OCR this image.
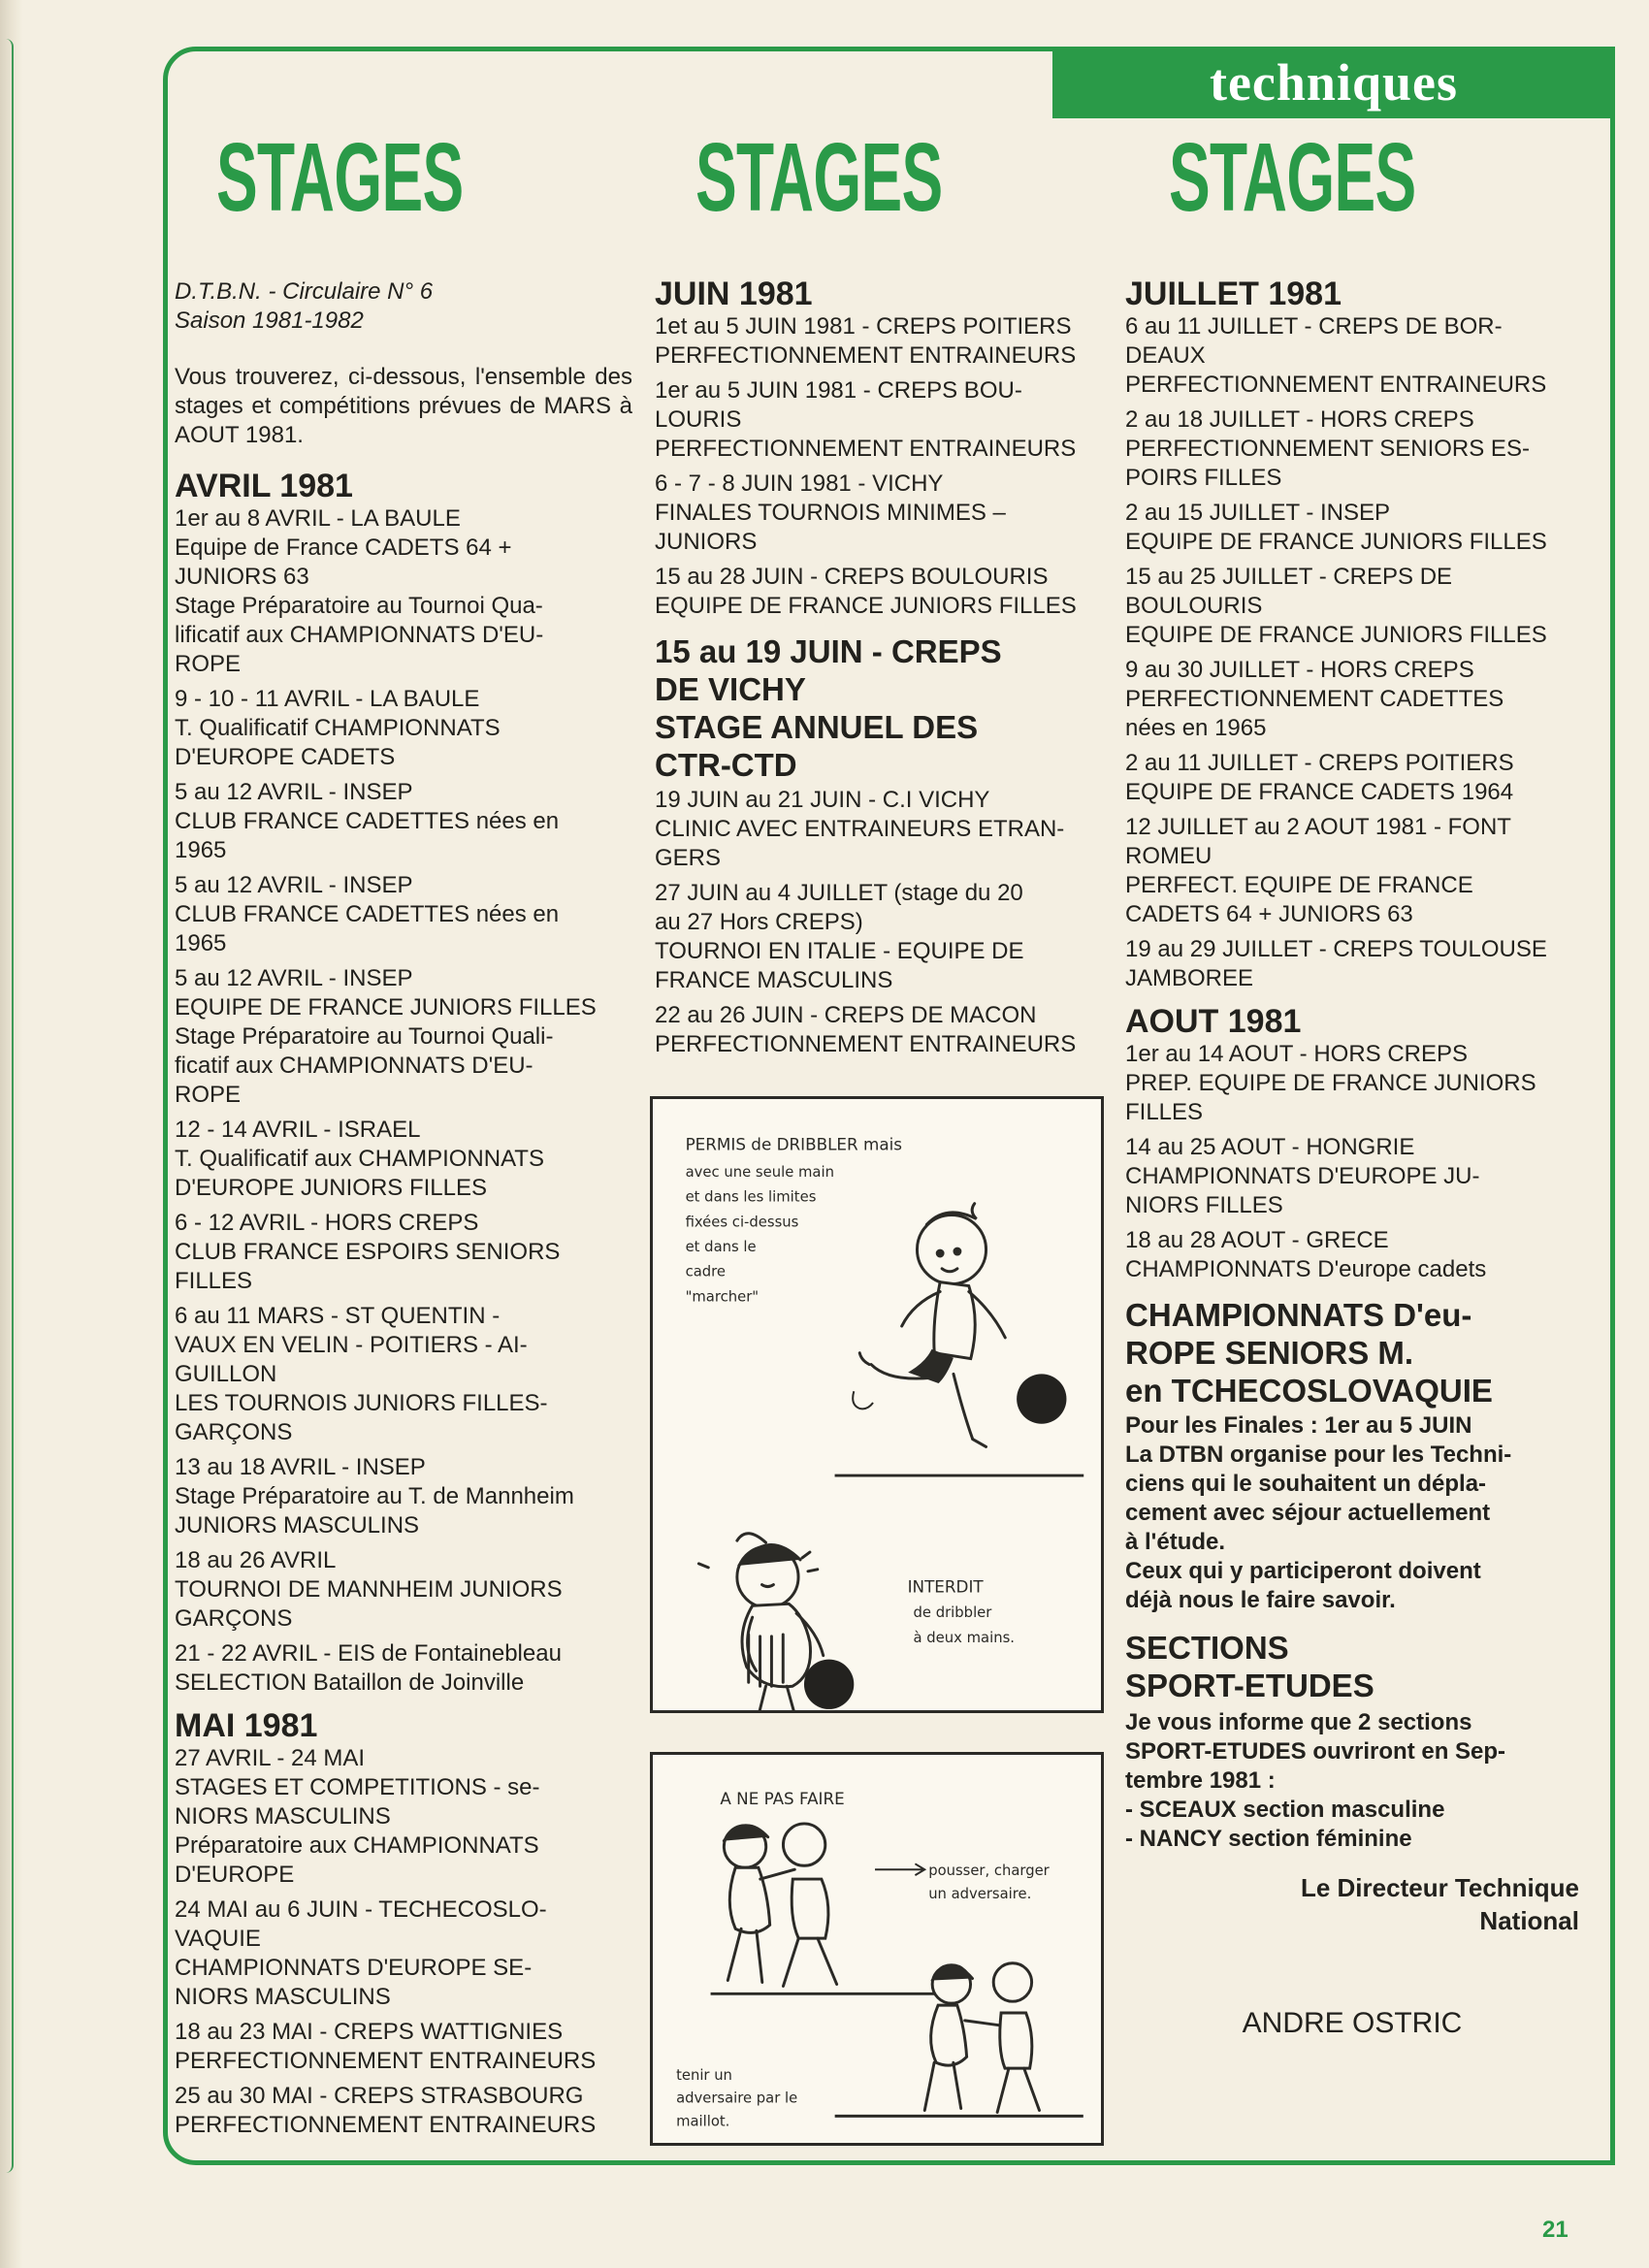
techniques
STAGES STAGES STAGES
D.T.B.N. - Circulaire N° 6
Saison 1981-1982
Vous trouverez, ci-dessous, l'ensemble des stages et compétitions prévues de MARS à AOUT 1981.
AVRIL 1981
1er au 8 AVRIL - LA BAULE
Equipe de France CADETS 64 +
JUNIORS 63
Stage Préparatoire au Tournoi Qua-
lificatif aux CHAMPIONNATS D'EU-
ROPE
9 - 10 - 11 AVRIL - LA BAULE
T. Qualificatif CHAMPIONNATS
D'EUROPE CADETS
5 au 12 AVRIL - INSEP
CLUB FRANCE CADETTES nées en
1965
5 au 12 AVRIL - INSEP
CLUB FRANCE CADETTES nées en
1965
5 au 12 AVRIL - INSEP
EQUIPE DE FRANCE JUNIORS FILLES
Stage Préparatoire au Tournoi Quali-
ficatif aux CHAMPIONNATS D'EU-
ROPE
12 - 14 AVRIL - ISRAEL
T. Qualificatif aux CHAMPIONNATS
D'EUROPE JUNIORS FILLES
6 - 12 AVRIL - HORS CREPS
CLUB FRANCE ESPOIRS SENIORS
FILLES
6 au 11 MARS - ST QUENTIN -
VAUX EN VELIN - POITIERS - AI-
GUILLON
LES TOURNOIS JUNIORS FILLES-
GARÇONS
13 au 18 AVRIL - INSEP
Stage Préparatoire au T. de Mannheim
JUNIORS MASCULINS
18 au 26 AVRIL
TOURNOI DE MANNHEIM JUNIORS
GARÇONS
21 - 22 AVRIL - EIS de Fontainebleau
SELECTION Bataillon de Joinville
MAI 1981
27 AVRIL - 24 MAI
STAGES ET COMPETITIONS - se-
NIORS MASCULINS
Préparatoire aux CHAMPIONNATS
D'EUROPE
24 MAI au 6 JUIN - TECHECOSLO-
VAQUIE
CHAMPIONNATS D'EUROPE SE-
NIORS MASCULINS
18 au 23 MAI - CREPS WATTIGNIES
PERFECTIONNEMENT ENTRAINEURS
25 au 30 MAI - CREPS STRASBOURG
PERFECTIONNEMENT ENTRAINEURS
JUIN 1981
1et au 5 JUIN 1981 - CREPS POITIERS
PERFECTIONNEMENT ENTRAINEURS
1er au 5 JUIN 1981 - CREPS BOU-
LOURIS
PERFECTIONNEMENT ENTRAINEURS
6 - 7 - 8 JUIN 1981 - VICHY
FINALES TOURNOIS MINIMES –
JUNIORS
15 au 28 JUIN - CREPS BOULOURIS
EQUIPE DE FRANCE JUNIORS FILLES
15 au 19 JUIN - CREPS
DE VICHY
STAGE ANNUEL DES
CTR-CTD
19 JUIN au 21 JUIN - C.I VICHY
CLINIC AVEC ENTRAINEURS ETRAN-
GERS
27 JUIN au 4 JUILLET (stage du 20
au 27 Hors CREPS)
TOURNOI EN ITALIE - EQUIPE DE
FRANCE MASCULINS
22 au 26 JUIN - CREPS DE MACON
PERFECTIONNEMENT ENTRAINEURS
PERMIS de DRIBBLER mais
avec une seule main
et dans les limites
fixées ci-dessus
et dans le
cadre
"marcher"
INTERDIT
de dribbler
à deux mains.
A NE PAS FAIRE
pousser, charger
un adversaire.
tenir un
adversaire par le
maillot.
JUILLET 1981
6 au 11 JUILLET - CREPS DE BOR-
DEAUX
PERFECTIONNEMENT ENTRAINEURS
2 au 18 JUILLET - HORS CREPS
PERFECTIONNEMENT SENIORS ES-
POIRS FILLES
2 au 15 JUILLET - INSEP
EQUIPE DE FRANCE JUNIORS FILLES
15 au 25 JUILLET - CREPS DE
BOULOURIS
EQUIPE DE FRANCE JUNIORS FILLES
9 au 30 JUILLET - HORS CREPS
PERFECTIONNEMENT CADETTES
nées en 1965
2 au 11 JUILLET - CREPS POITIERS
EQUIPE DE FRANCE CADETS 1964
12 JUILLET au 2 AOUT 1981 - FONT
ROMEU
PERFECT. EQUIPE DE FRANCE
CADETS 64 + JUNIORS 63
19 au 29 JUILLET - CREPS TOULOUSE
JAMBOREE
AOUT 1981
1er au 14 AOUT - HORS CREPS
PREP. EQUIPE DE FRANCE JUNIORS
FILLES
14 au 25 AOUT - HONGRIE
CHAMPIONNATS D'EUROPE JU-
NIORS FILLES
18 au 28 AOUT - GRECE
CHAMPIONNATS D'europe cadets
CHAMPIONNATS D'eu-
ROPE SENIORS M.
en TCHECOSLOVAQUIE
Pour les Finales : 1er au 5 JUIN
La DTBN organise pour les Techni-
ciens qui le souhaitent un dépla-
cement avec séjour actuellement
à l'étude.
Ceux qui y participeront doivent
déjà nous le faire savoir.
SECTIONS
SPORT-ETUDES
Je vous informe que 2 sections
SPORT-ETUDES ouvriront en Sep-
tembre 1981 :
- SCEAUX section masculine
- NANCY section féminine
Le Directeur Technique
National
ANDRE OSTRIC
21
